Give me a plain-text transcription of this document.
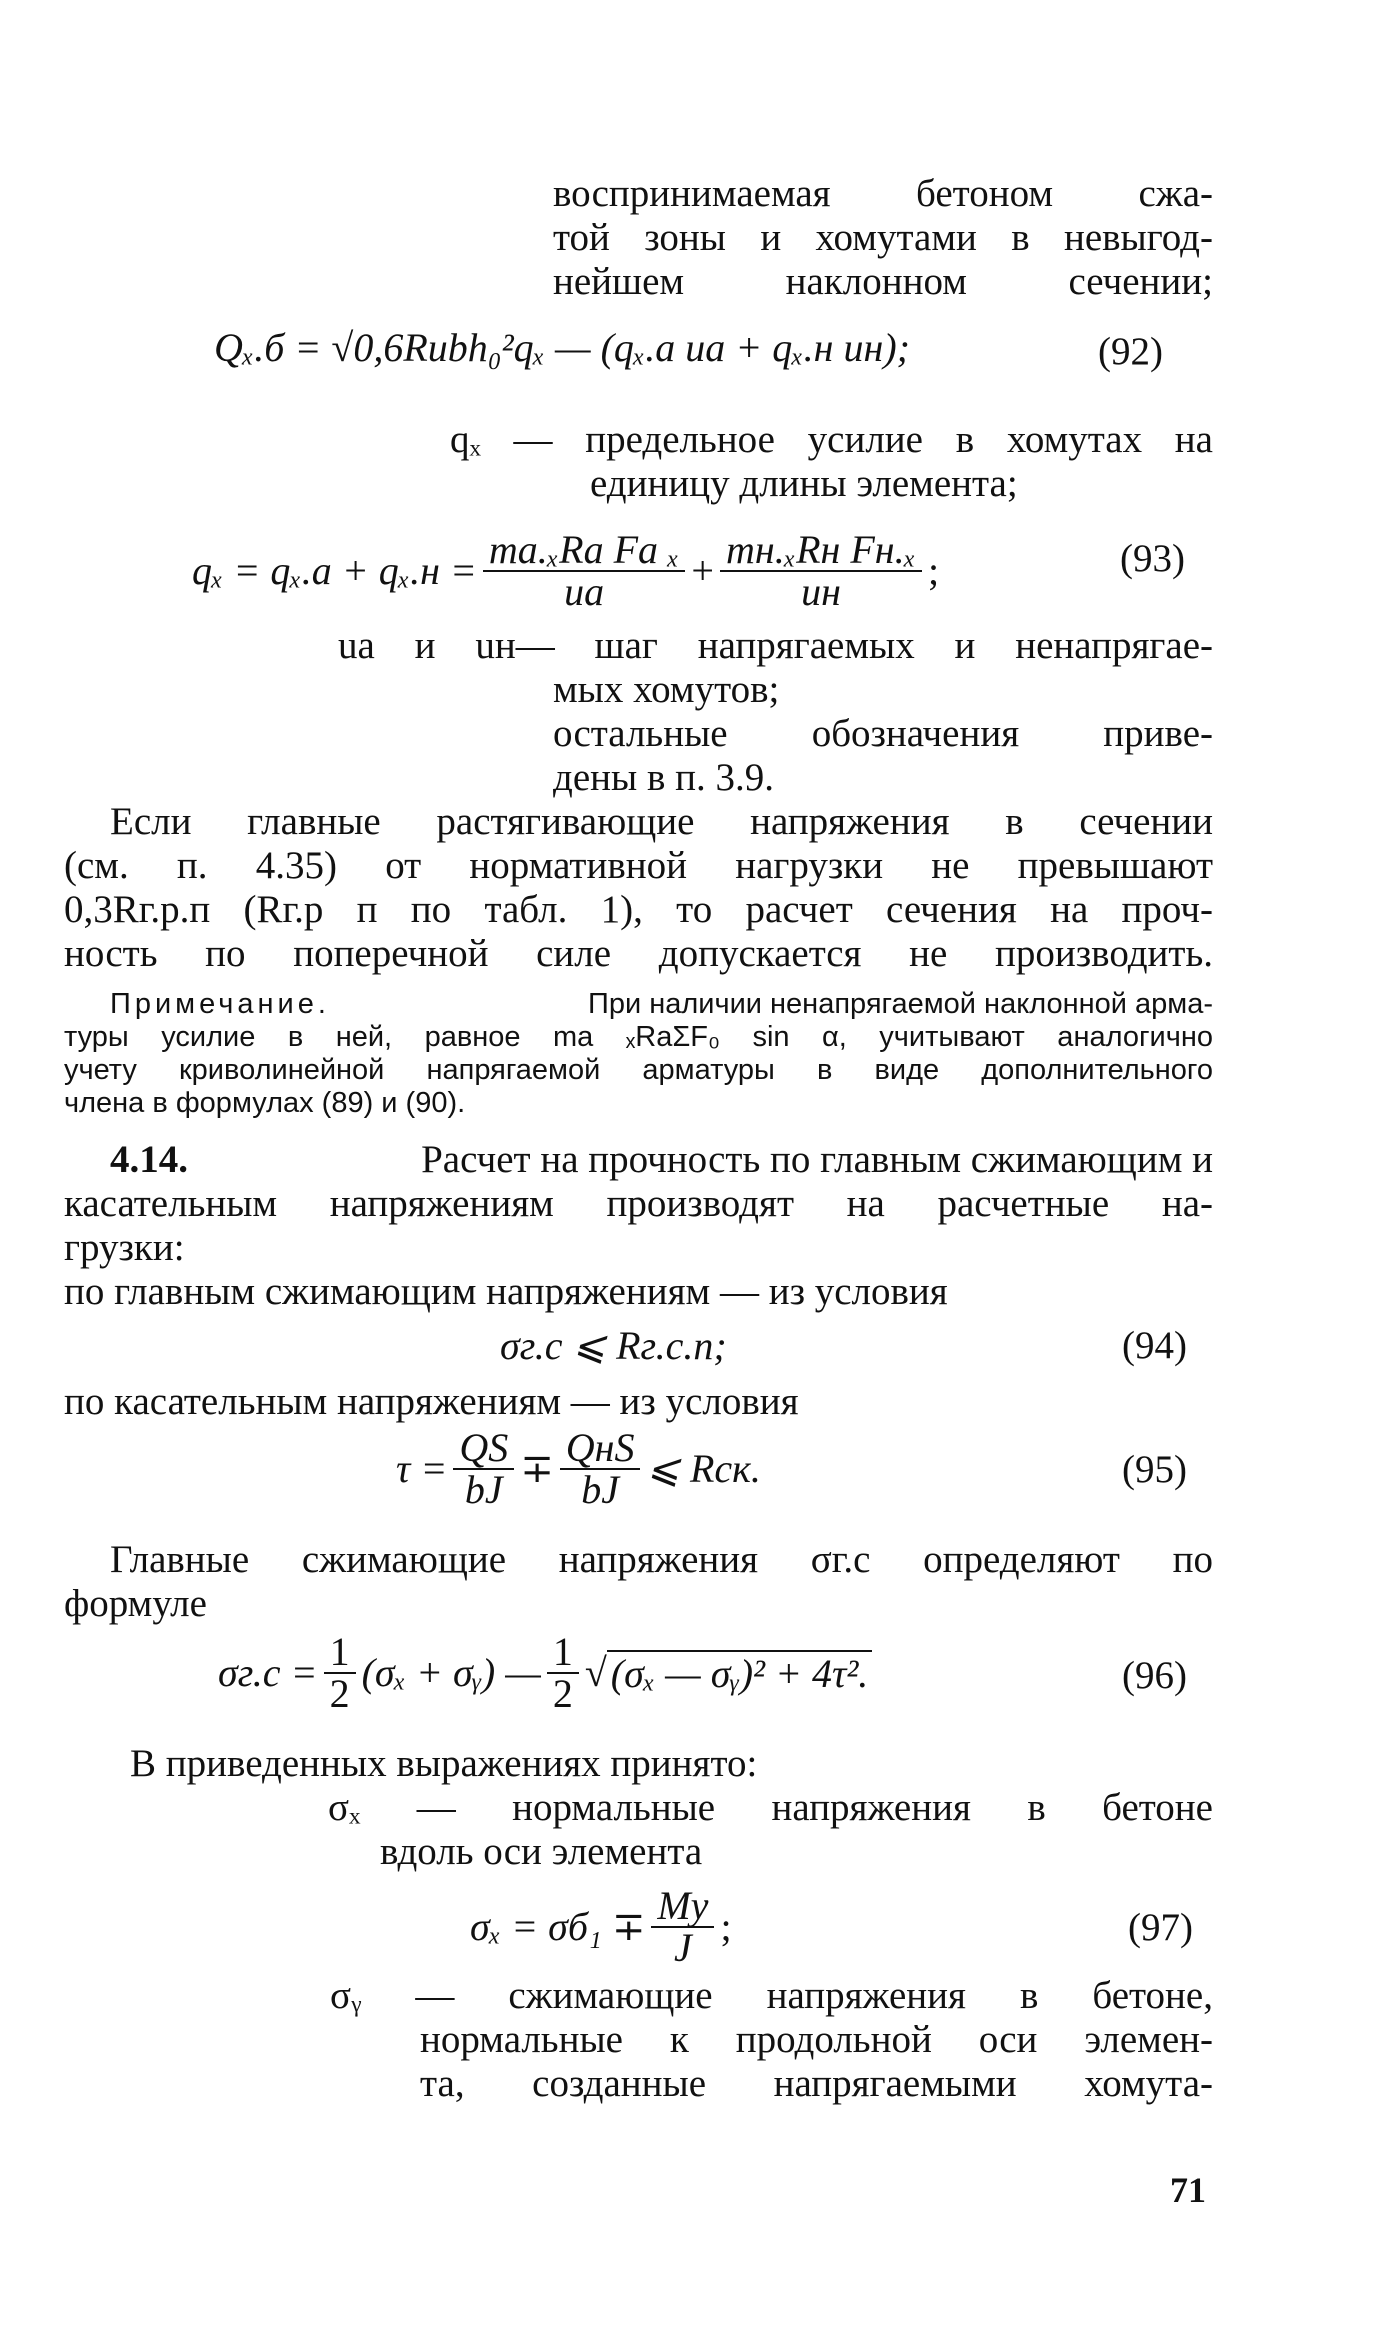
воспринимаемая бетоном сжа-
той зоны и хомутами в невыгод-
нейшем наклонном сечении;
Qₓ.б = √0,6Rиbh₀²qₓ — (qₓ.а uа + qₓ.н uн);	(92)
qₓ — предельное усилие в хомутах на
единицу длины элемента;
$q_x = q_x.а + q_x.н = \frac{\text{mа.ₓRа Fа ₓ}}{uа} + \frac{\text{mн.ₓRн Fн.ₓ}}{uн}$ ;	(93)
uа и uн— шаг напрягаемых и ненапрягае-
мых хомутов;
остальные обозначения приве-
дены в п. 3.9.
Если главные растягивающие напряжения в сечении
(см. п. 4.35) от нормативной нагрузки не превышают
0,3Rг.р.п (Rг.р п по табл. 1), то расчет сечения на проч-
ность по поперечной силе допускается не производить.
Примечание.	При наличии ненапрягаемой наклонной арма-
туры усилие в ней, равное mа ₓRаΣF₀ sin α, учитывают аналогично
учету криволинейной напрягаемой арматуры в виде дополнительного
члена в формулах (89) и (90).
4.14.	Расчет на прочность по главным сжимающим и
касательным напряжениям производят на расчетные на-
грузки:
по главным сжимающим напряжениям — из условия
σг.с ⩽ Rг.с.п;	(94)
по касательным напряжениям — из условия
$\tau = \frac{QS}{bJ} \mp \frac{\text{QнS}}{bJ}$ ⩽ Rск.	(95)
Главные сжимающие напряжения σг.с определяют по
формуле
$\sigma г.с = \frac{1}{2} (\sigma_x$ + σᵧ) — $\frac{1}{2}$ √ (σₓ — σᵧ)² + 4τ².	(96)
В приведенных выражениях принято:
σₓ — нормальные напряжения в бетоне
вдоль оси элемента
$\sigma_x = \sigma б_1 \mp \frac{My}{J}$ ;	(97)
σᵧ — сжимающие напряжения в бетоне,
нормальные к продольной оси элемен-
та, созданные напрягаемыми хомута-
71
